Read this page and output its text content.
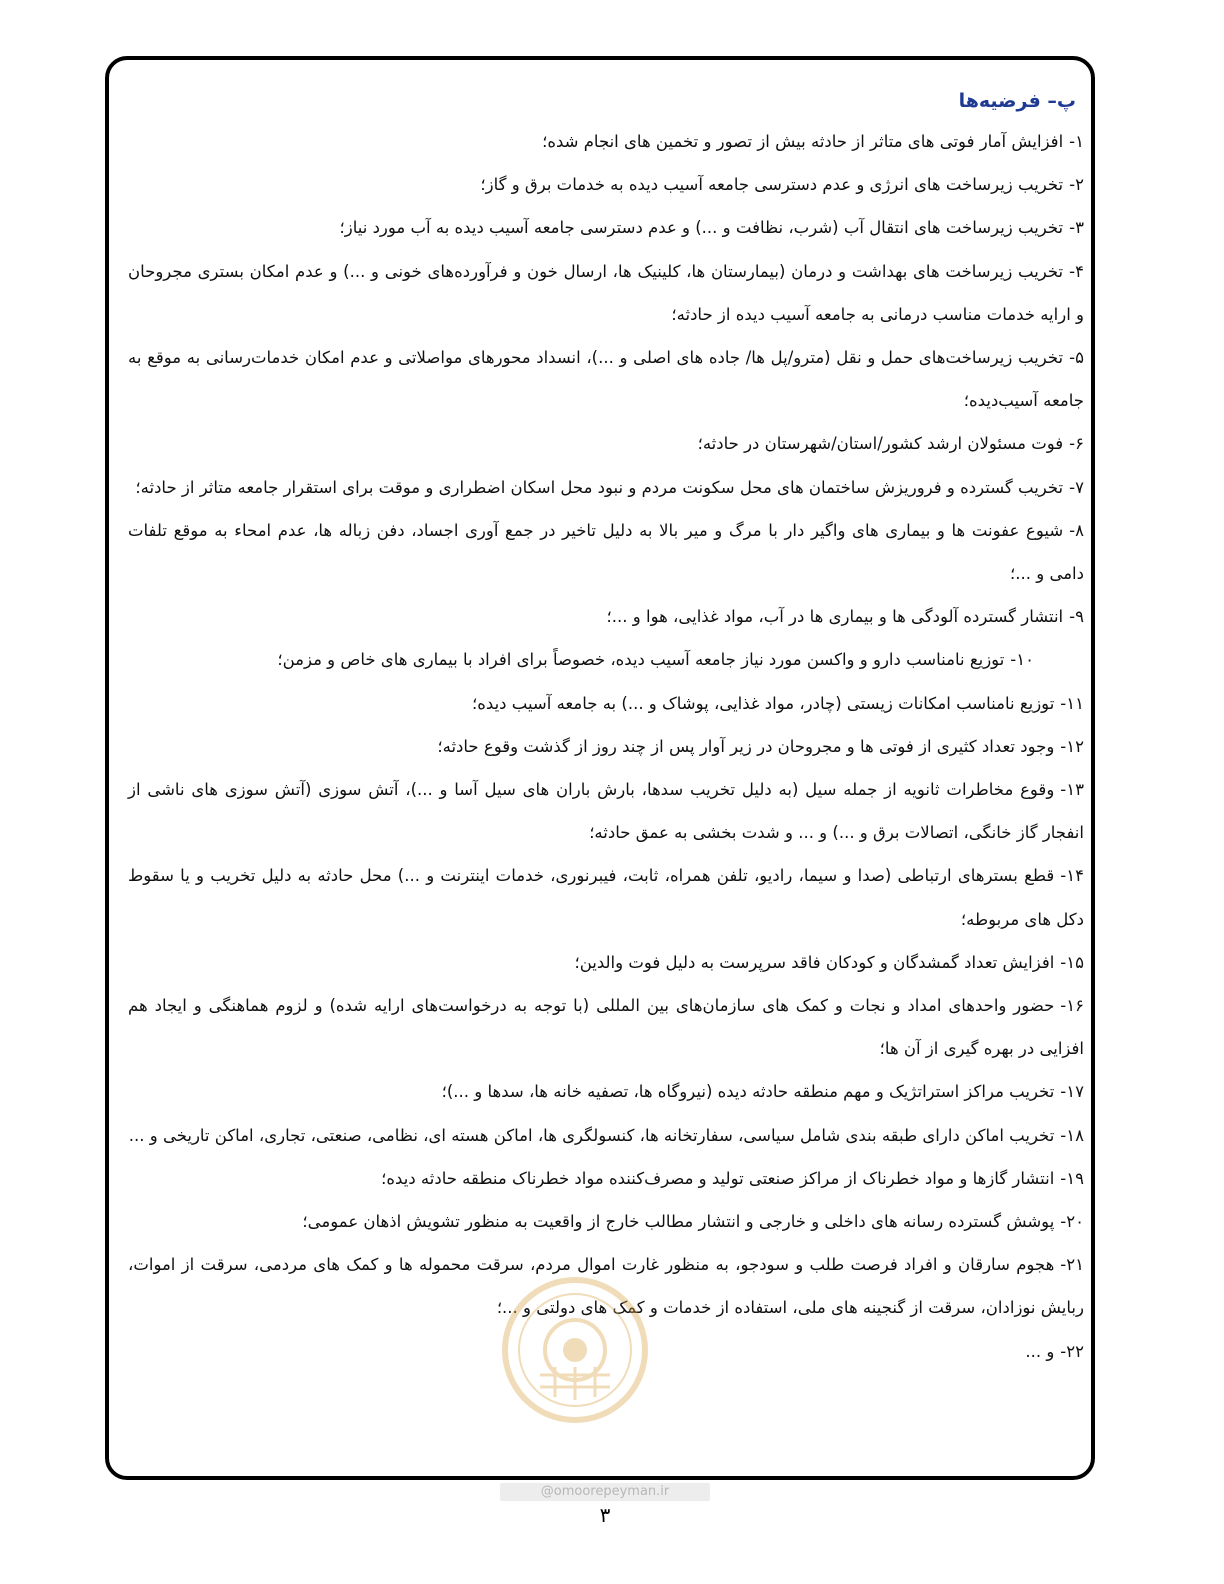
پ– فرضیه‌ها

۱-افزایش آمار فوتی های متاثر از حادثه بیش از تصور و تخمین های انجام شده؛

۲-تخریب زیرساخت های انرژی و عدم دسترسی جامعه آسیب دیده به خدمات برق و گاز؛

۳-تخریب زیرساخت های انتقال آب (شرب، نظافت و ...) و عدم دسترسی جامعه آسیب دیده به آب مورد نیاز؛

۴-تخریب زیرساخت های بهداشت و درمان (بیمارستان ها، کلینیک ها، ارسال خون و فرآورده‌های خونی و ...) و عدم امکان بستری مجروحان و ارایه خدمات مناسب درمانی به جامعه آسیب دیده از حادثه؛

۵-تخریب زیرساخت‌های حمل و نقل (مترو/پل ها/ جاده های اصلی و ...)، انسداد محورهای مواصلاتی و عدم امکان خدمات‌رسانی به موقع به جامعه آسیب‌دیده؛

۶-فوت مسئولان ارشد کشور/استان/شهرستان در حادثه؛

۷-تخریب گسترده و فروریزش ساختمان های محل سکونت مردم و نبود محل اسکان اضطراری و موقت برای استقرار جامعه متاثر از حادثه؛

۸-شیوع عفونت ها و بیماری های واگیر دار با مرگ و میر بالا به دلیل تاخیر در جمع آوری اجساد، دفن زباله ها، عدم امحاء به موقع تلفات دامی و ...؛

۹-انتشار گسترده آلودگی ها و بیماری ها در آب، مواد غذایی، هوا و ...؛

۱۰-توزیع نامناسب دارو و واکسن مورد نیاز جامعه آسیب دیده، خصوصاً برای افراد با بیماری های خاص و مزمن؛

۱۱-توزیع نامناسب امکانات زیستی (چادر، مواد غذایی، پوشاک و ...) به جامعه آسیب دیده؛

۱۲-وجود تعداد کثیری از فوتی ها و مجروحان در زیر آوار پس از چند روز از گذشت وقوع حادثه؛

۱۳-وقوع مخاطرات ثانویه از جمله سیل (به دلیل تخریب سدها، بارش باران های سیل آسا و ...)، آتش سوزی (آتش سوزی های ناشی از انفجار گاز خانگی، اتصالات برق و ...) و ... و شدت بخشی به عمق حادثه؛

۱۴-قطع بسترهای ارتباطی (صدا و سیما، رادیو، تلفن همراه، ثابت، فیبرنوری، خدمات اینترنت و ...) محل حادثه به دلیل تخریب و یا سقوط دکل های مربوطه؛

۱۵-افزایش تعداد گمشدگان و کودکان فاقد سرپرست به دلیل فوت والدین؛

۱۶-حضور واحدهای امداد و نجات و کمک های سازمان‌های بین المللی (با توجه به درخواست‌های ارایه شده) و لزوم هماهنگی و ایجاد هم افزایی در بهره گیری از آن ها؛

۱۷-تخریب مراکز استراتژیک و مهم منطقه حادثه دیده (نیروگاه ها، تصفیه خانه ها، سدها و ...)؛

۱۸-تخریب اماکن دارای طبقه بندی شامل سیاسی، سفارتخانه ها، کنسولگری ها، اماکن هسته ای، نظامی، صنعتی، تجاری، اماکن تاریخی و ...

۱۹-انتشار گازها و مواد خطرناک از مراکز صنعتی تولید و مصرف‌کننده مواد خطرناک منطقه حادثه دیده؛

۲۰-پوشش گسترده رسانه های داخلی و خارجی و انتشار مطالب خارج از واقعیت به منظور تشویش اذهان عمومی؛

۲۱-هجوم سارقان و افراد فرصت طلب و سودجو، به منظور غارت اموال مردم، سرقت محموله ها و کمک های مردمی، سرقت از اموات، ربایش نوزادان، سرقت از گنجینه های ملی، استفاده از خدمات و کمک های دولتی و ...؛

۲۲-و ...

@omoorepeyman.ir
۳
